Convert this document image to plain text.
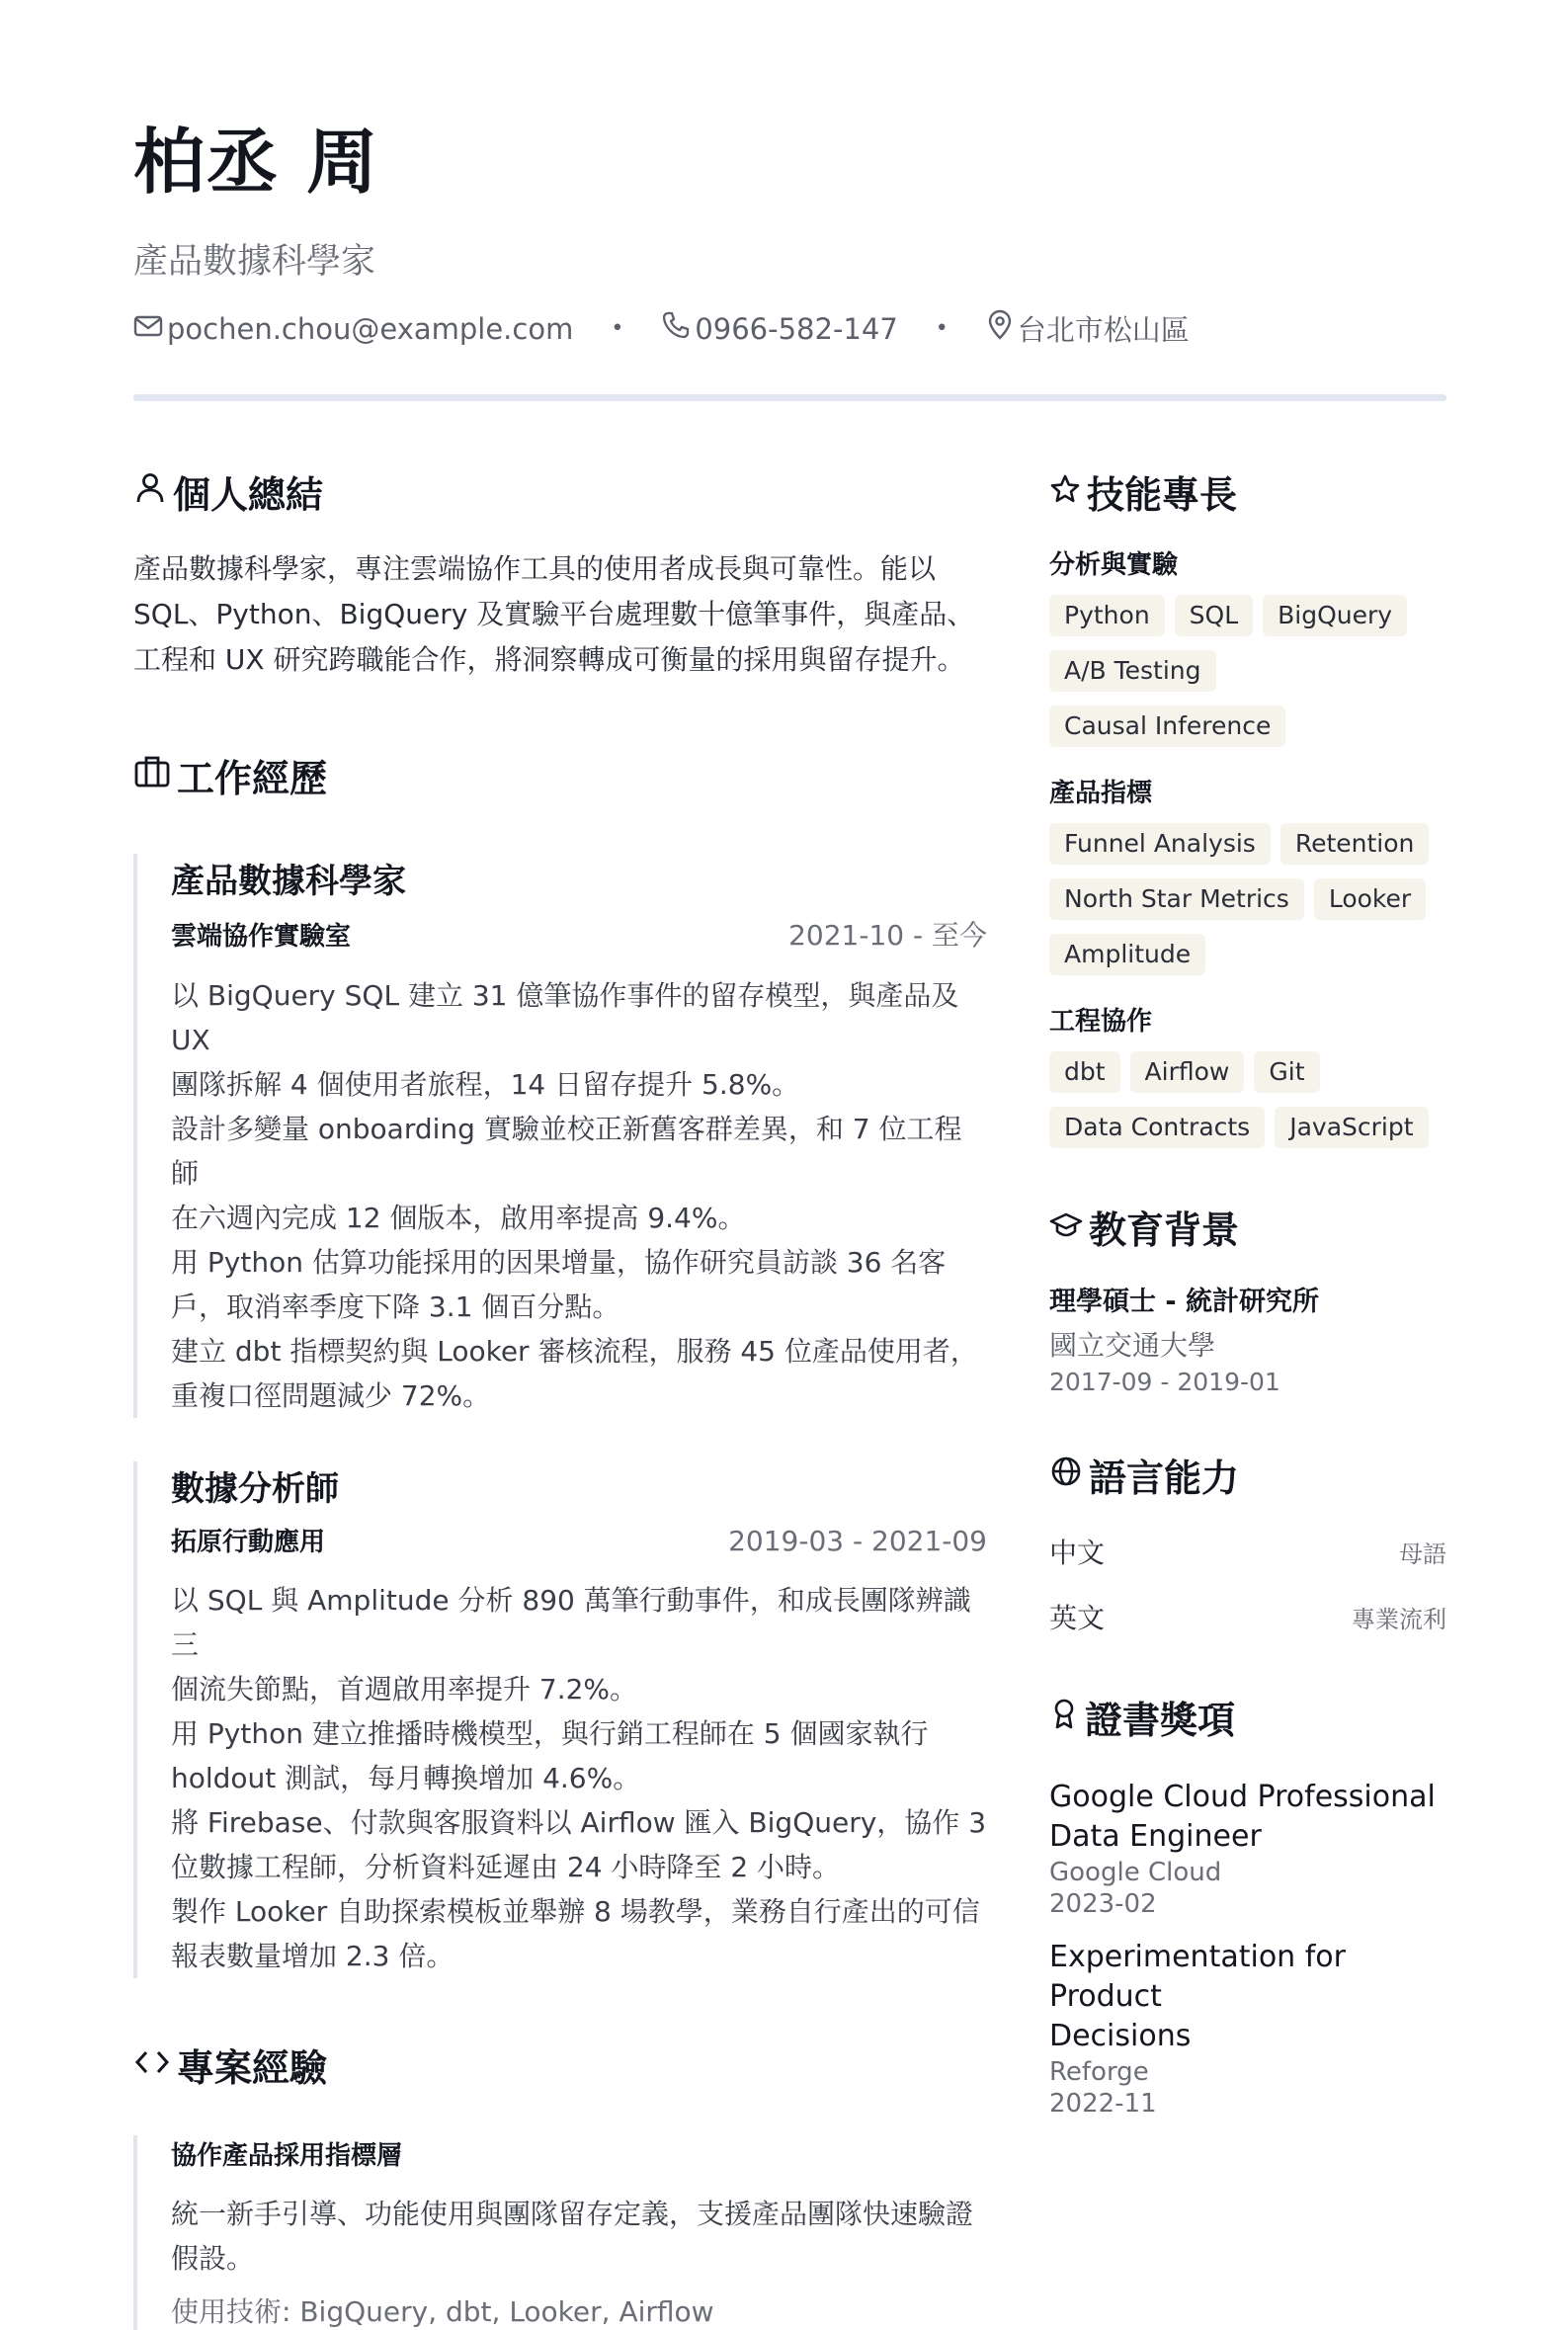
柏丞 周
產品數據科學家
pochen.chou@example.com • 0966-582-147 • 台北市松山區
個人總結
產品數據科學家，專注雲端協作工具的使用者成長與可靠性。能以
SQL、Python、BigQuery 及實驗平台處理數十億筆事件，與產品、
工程和 UX 研究跨職能合作，將洞察轉成可衡量的採用與留存提升。
工作經歷
產品數據科學家
雲端協作實驗室	2021-10 - 至今
以 BigQuery SQL 建立 31 億筆協作事件的留存模型，與產品及 UX
團隊拆解 4 個使用者旅程，14 日留存提升 5.8%。
設計多變量 onboarding 實驗並校正新舊客群差異，和 7 位工程師
在六週內完成 12 個版本，啟用率提高 9.4%。
用 Python 估算功能採用的因果增量，協作研究員訪談 36 名客
戶，取消率季度下降 3.1 個百分點。
建立 dbt 指標契約與 Looker 審核流程，服務 45 位產品使用者，
重複口徑問題減少 72%。
數據分析師
拓原行動應用	2019-03 - 2021-09
以 SQL 與 Amplitude 分析 890 萬筆行動事件，和成長團隊辨識三
個流失節點，首週啟用率提升 7.2%。
用 Python 建立推播時機模型，與行銷工程師在 5 個國家執行
holdout 測試，每月轉換增加 4.6%。
將 Firebase、付款與客服資料以 Airflow 匯入 BigQuery，協作 3
位數據工程師，分析資料延遲由 24 小時降至 2 小時。
製作 Looker 自助探索模板並舉辦 8 場教學，業務自行產出的可信
報表數量增加 2.3 倍。
專案經驗
協作產品採用指標層
統一新手引導、功能使用與團隊留存定義，支援產品團隊快速驗證
假設。
使用技術: BigQuery, dbt, Looker, Airflow
技能專長
分析與實驗
Python	SQL	BigQuery
A/B Testing
Causal Inference
產品指標
Funnel Analysis	Retention
North Star Metrics	Looker
Amplitude
工程協作
dbt	Airflow	Git
Data Contracts	JavaScript
教育背景
理學碩士 - 統計研究所
國立交通大學
2017-09 - 2019-01
語言能力
中文	母語
英文	專業流利
證書獎項
Google Cloud Professional
Data Engineer
Google Cloud
2023-02
Experimentation for Product
Decisions
Reforge
2022-11
